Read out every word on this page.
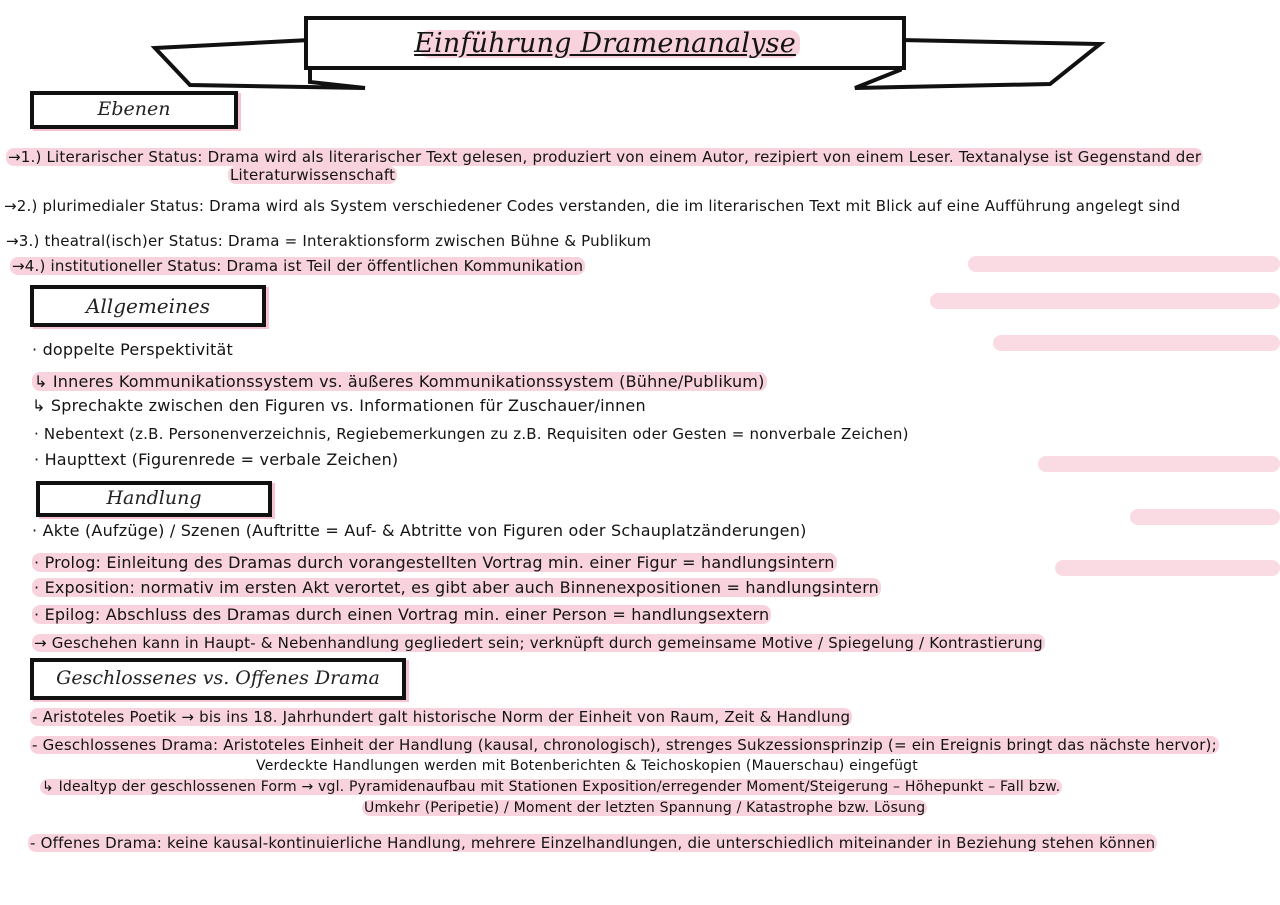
Einführung Dramenanalyse
Ebenen
→1.) Literarischer Status: Drama wird als literarischer Text gelesen, produziert von einem Autor, rezipiert von einem Leser. Textanalyse ist Gegenstand der
Literaturwissenschaft
→2.) plurimedialer Status: Drama wird als System verschiedener Codes verstanden, die im literarischen Text mit Blick auf eine Aufführung angelegt sind
→3.) theatral(isch)er Status: Drama = Interaktionsform zwischen Bühne & Publikum
→4.) institutioneller Status: Drama ist Teil der öffentlichen Kommunikation
Allgemeines
· doppelte Perspektivität
↳ Inneres Kommunikationssystem vs. äußeres Kommunikationssystem (Bühne/Publikum)
↳ Sprechakte zwischen den Figuren vs. Informationen für Zuschauer/innen
· Nebentext (z.B. Personenverzeichnis, Regiebemerkungen zu z.B. Requisiten oder Gesten = nonverbale Zeichen)
· Haupttext (Figurenrede = verbale Zeichen)
Handlung
· Akte (Aufzüge) / Szenen (Auftritte = Auf- & Abtritte von Figuren oder Schauplatzänderungen)
· Prolog: Einleitung des Dramas durch vorangestellten Vortrag min. einer Figur = handlungsintern
· Exposition: normativ im ersten Akt verortet, es gibt aber auch Binnenexpositionen = handlungsintern
· Epilog: Abschluss des Dramas durch einen Vortrag min. einer Person = handlungsextern
→ Geschehen kann in Haupt- & Nebenhandlung gegliedert sein; verknüpft durch gemeinsame Motive / Spiegelung / Kontrastierung
Geschlossenes vs. Offenes Drama
- Aristoteles Poetik → bis ins 18. Jahrhundert galt historische Norm der Einheit von Raum, Zeit & Handlung
- Geschlossenes Drama: Aristoteles Einheit der Handlung (kausal, chronologisch), strenges Sukzessionsprinzip (= ein Ereignis bringt das nächste hervor);
Verdeckte Handlungen werden mit Botenberichten & Teichoskopien (Mauerschau) eingefügt
↳ Idealtyp der geschlossenen Form → vgl. Pyramidenaufbau mit Stationen Exposition/erregender Moment/Steigerung – Höhepunkt – Fall bzw.
Umkehr (Peripetie) / Moment der letzten Spannung / Katastrophe bzw. Lösung
- Offenes Drama: keine kausal-kontinuierliche Handlung, mehrere Einzelhandlungen, die unterschiedlich miteinander in Beziehung stehen können
